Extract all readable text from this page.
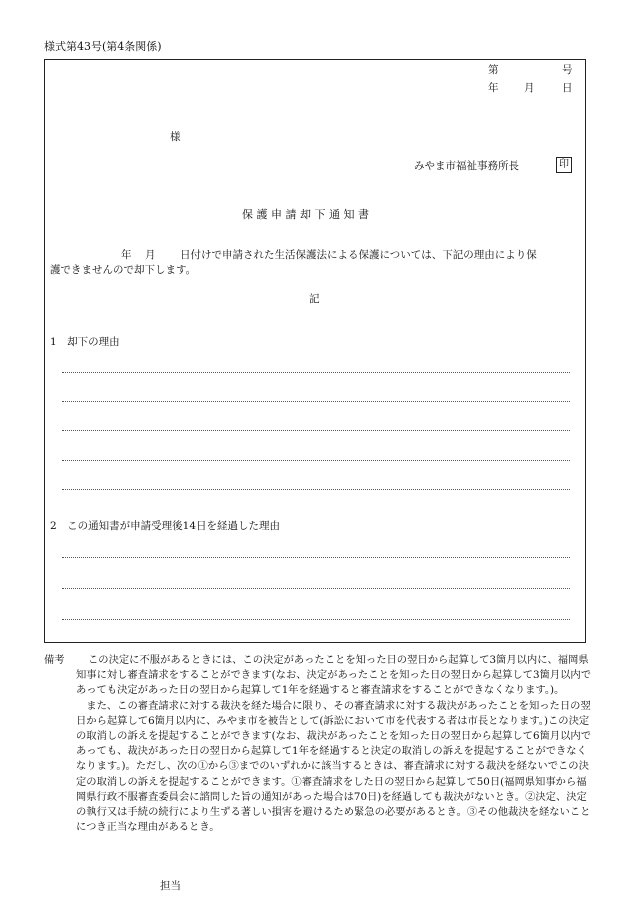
様式第43号(第4条関係)
第	号
年 月	日
様
みやま市福祉事務所長	印
保 護 申 請 却 下 通 知 書
年 月 日付けで申請された生活保護法による保護については、下記の理由により保
護できませんので却下します。
記
1　却下の理由
2　この通知書が申請受理後14日を経過した理由
備考	この決定に不服があるときには、この決定があったことを知った日の翌日から起算して3箇月以内に、福岡県知事に対し審査請求をすることができます(なお、決定があったことを知った日の翌日から起算して3箇月以内であっても決定があった日の翌日から起算して1年を経過すると審査請求をすることができなくなります。)。
また、この審査請求に対する裁決を経た場合に限り、その審査請求に対する裁決があったことを知った日の翌日から起算して6箇月以内に、みやま市を被告として(訴訟において市を代表する者は市長となります。)この決定の取消しの訴えを提起することができます(なお、裁決があったことを知った日の翌日から起算して6箇月以内であっても、裁決があった日の翌日から起算して1年を経過すると決定の取消しの訴えを提起することができなくなります。)。ただし、次の①から③までのいずれかに該当するときは、審査請求に対する裁決を経ないでこの決定の取消しの訴えを提起することができます。①審査請求をした日の翌日から起算して50日(福岡県知事から福岡県行政不服審査委員会に諮問した旨の通知があった場合は70日)を経過しても裁決がないとき。②決定、決定の執行又は手続の続行により生ずる著しい損害を避けるため緊急の必要があるとき。③その他裁決を経ないことにつき正当な理由があるとき。
担当
